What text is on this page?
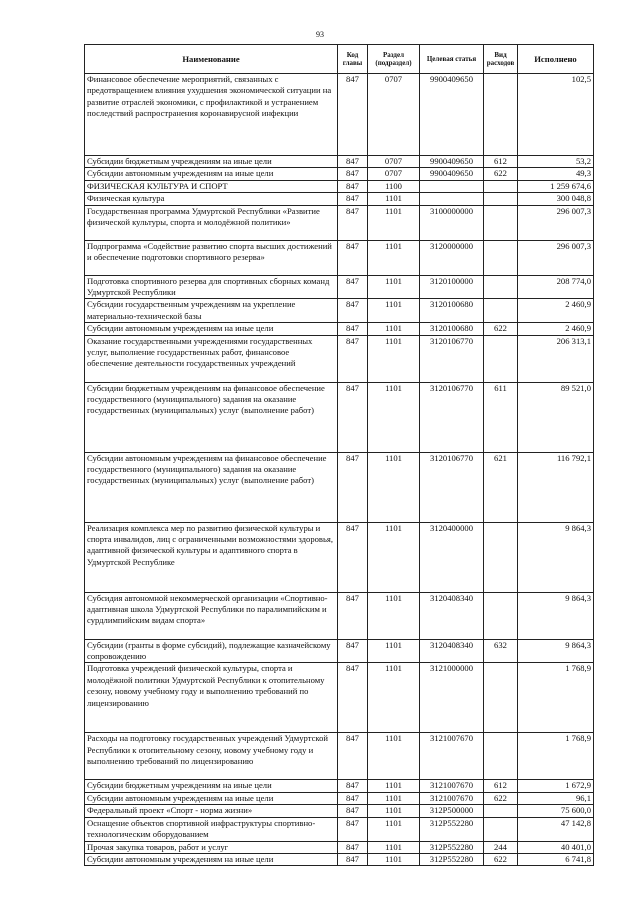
93
Наименование	Код главы	Раздел (подраздел)	Целевая статья	Вид расходов	Исполнено
Финансовое обеспечение мероприятий, связанных с предотвращением влияния ухудшения экономической ситуации на развитие отраслей экономики, с профилактикой и устранением последствий распространения коронавирусной инфекции	847	0707	9900409650		102,5
Субсидии бюджетным учреждениям на иные цели	847	0707	9900409650	612	53,2
Субсидии автономным учреждениям на иные цели	847	0707	9900409650	622	49,3
ФИЗИЧЕСКАЯ КУЛЬТУРА И СПОРТ	847	1100			1 259 674,6
Физическая культура	847	1101			300 048,8
Государственная программа Удмуртской Республики «Развитие физической культуры, спорта и молодёжной политики»	847	1101	3100000000		296 007,3
Подпрограмма «Содействие развитию спорта высших достижений и обеспечение подготовки спортивного резерва»	847	1101	3120000000		296 007,3
Подготовка спортивного резерва для спортивных сборных команд Удмуртской Республики	847	1101	3120100000		208 774,0
Субсидии государственным учреждениям на укрепление материально-технической базы	847	1101	3120100680		2 460,9
Субсидии автономным учреждениям на иные цели	847	1101	3120100680	622	2 460,9
Оказание государственными учреждениями государственных услуг, выполнение государственных работ, финансовое обеспечение деятельности государственных учреждений	847	1101	3120106770		206 313,1
Субсидии бюджетным учреждениям на финансовое обеспечение государственного (муниципального) задания на оказание государственных (муниципальных) услуг (выполнение работ)	847	1101	3120106770	611	89 521,0
Субсидии автономным учреждениям на финансовое обеспечение государственного (муниципального) задания на оказание государственных (муниципальных) услуг (выполнение работ)	847	1101	3120106770	621	116 792,1
Реализация комплекса мер по развитию физической культуры и спорта инвалидов, лиц с ограниченными возможностями здоровья, адаптивной физической культуры и адаптивного спорта в Удмуртской Республике	847	1101	3120400000		9 864,3
Субсидия автономной некоммерческой организации «Спортивно-адаптивная школа Удмуртской Республики по паралимпийским и сурдлимпийским видам спорта»	847	1101	3120408340		9 864,3
Субсидии (гранты в форме субсидий), подлежащие казначейскому сопровождению	847	1101	3120408340	632	9 864,3
Подготовка учреждений физической культуры, спорта и молодёжной политики Удмуртской Республики к отопительному сезону, новому учебному году и выполнению требований по лицензированию	847	1101	3121000000		1 768,9
Расходы на подготовку государственных учреждений Удмуртской Республики к отопительному сезону, новому учебному году и выполнению требований по лицензированию	847	1101	3121007670		1 768,9
Субсидии бюджетным учреждениям на иные цели	847	1101	3121007670	612	1 672,9
Субсидии автономным учреждениям на иные цели	847	1101	3121007670	622	96,1
Федеральный проект «Спорт - норма жизни»	847	1101	312P500000		75 600,0
Оснащение объектов спортивной инфраструктуры спортивно-технологическим оборудованием	847	1101	312P552280		47 142,8
Прочая закупка товаров, работ и услуг	847	1101	312P552280	244	40 401,0
Субсидии автономным учреждениям на иные цели	847	1101	312P552280	622	6 741,8
